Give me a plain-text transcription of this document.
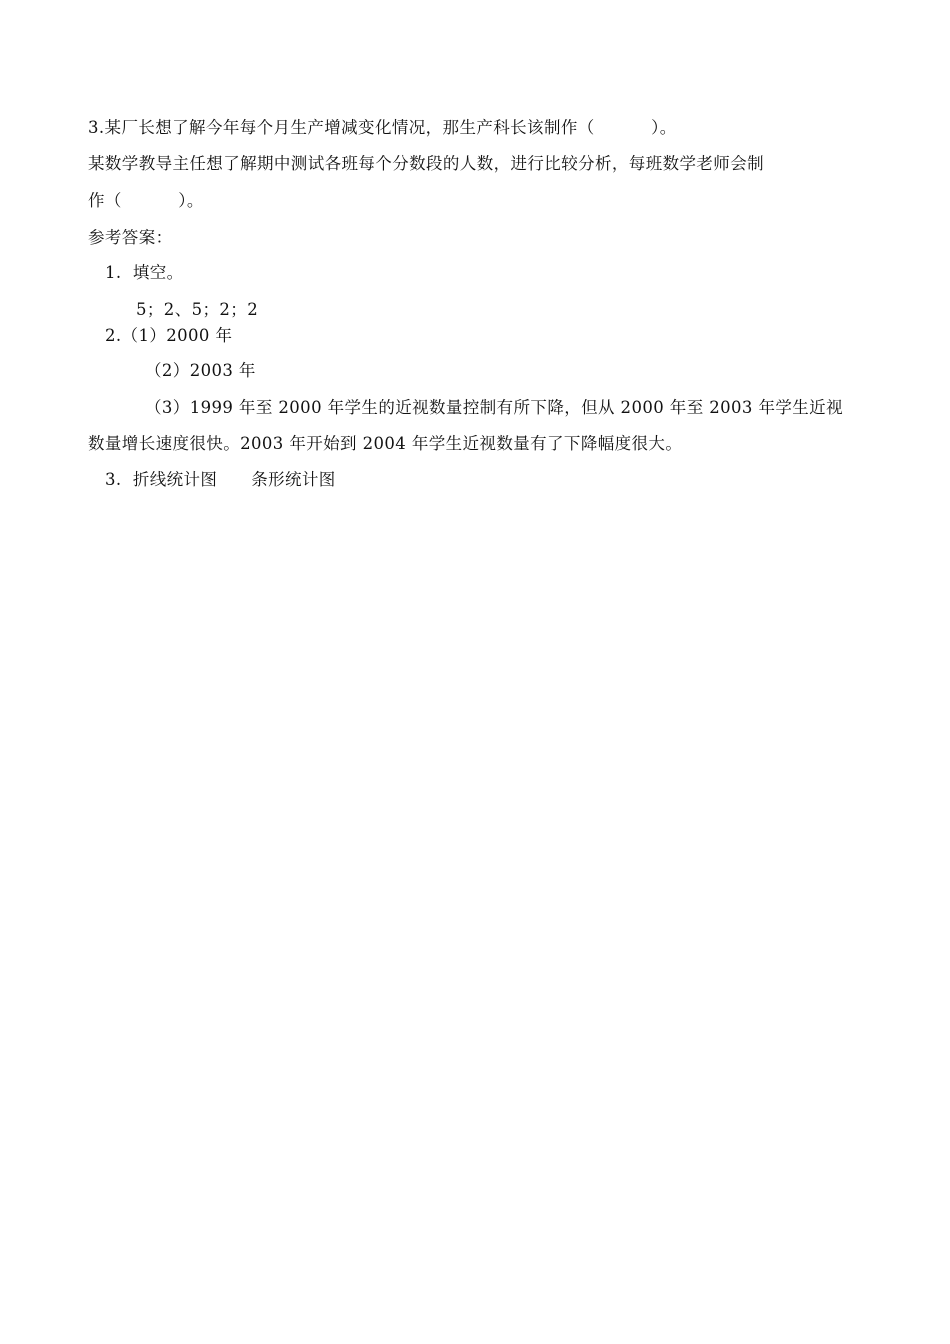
3.某厂长想了解今年每个月生产增减变化情况，那生产科长该制作（          ）。
某数学教导主任想了解期中测试各班每个分数段的人数，进行比较分析，每班数学老师会制
作（          ）。
参考答案：
1.  填空。
5；2、5；2；2
2.（1）2000 年
（2）2003 年
（3）1999 年至 2000 年学生的近视数量控制有所下降，但从 2000 年至 2003 年学生近视
数量增长速度很快。2003 年开始到 2004 年学生近视数量有了下降幅度很大。
3.  折线统计图      条形统计图
